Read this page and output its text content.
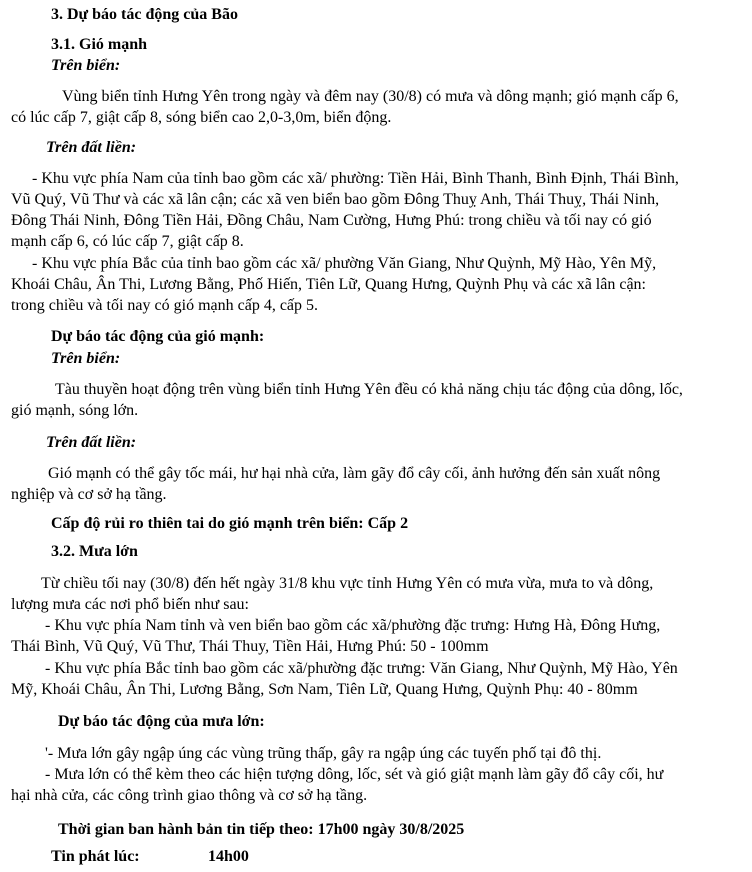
3. Dự báo tác động của Bão
3.1. Gió mạnh
Trên biển:
Vùng biển tỉnh Hưng Yên trong ngày và đêm nay (30/8) có mưa và dông mạnh; gió mạnh cấp 6,
có lúc cấp 7, giật cấp 8, sóng biển cao 2,0-3,0m, biển động.
Trên đất liền:
- Khu vực phía Nam của tỉnh bao gồm các xã/ phường: Tiền Hải, Bình Thanh, Bình Định, Thái Bình,
Vũ Quý, Vũ Thư và các xã lân cận; các xã ven biển bao gồm Đông Thuỵ Anh, Thái Thuỵ, Thái Ninh,
Đông Thái Ninh, Đông Tiền Hải, Đồng Châu, Nam Cường, Hưng Phú: trong chiều và tối nay có gió
mạnh cấp 6, có lúc cấp 7, giật cấp 8.
- Khu vực phía Bắc của tỉnh bao gồm các xã/ phường Văn Giang, Như Quỳnh, Mỹ Hào, Yên Mỹ,
Khoái Châu, Ân Thi, Lương Bằng, Phố Hiến, Tiên Lữ, Quang Hưng, Quỳnh Phụ và các xã lân cận:
trong chiều và tối nay có gió mạnh cấp 4, cấp 5.
Dự báo tác động của gió mạnh:
Trên biển:
Tàu thuyền hoạt động trên vùng biển tỉnh Hưng Yên đều có khả năng chịu tác động của dông, lốc,
gió mạnh, sóng lớn.
Trên đất liền:
Gió mạnh có thể gây tốc mái, hư hại nhà cửa, làm gãy đổ cây cối, ảnh hưởng đến sản xuất nông
nghiệp và cơ sở hạ tầng.
Cấp độ rủi ro thiên tai do gió mạnh trên biển: Cấp 2
3.2. Mưa lớn
Từ chiều tối nay (30/8) đến hết ngày 31/8 khu vực tỉnh Hưng Yên có mưa vừa, mưa to và dông,
lượng mưa các nơi phổ biến như sau:
- Khu vực phía Nam tỉnh và ven biển bao gồm các xã/phường đặc trưng: Hưng Hà, Đông Hưng,
Thái Bình, Vũ Quý, Vũ Thư, Thái Thuy, Tiền Hải, Hưng Phú: 50 - 100mm
- Khu vực phía Bắc tỉnh bao gồm các xã/phường đặc trưng: Văn Giang, Như Quỳnh, Mỹ Hào, Yên
Mỹ, Khoái Châu, Ân Thi, Lương Bằng, Sơn Nam, Tiên Lữ, Quang Hưng, Quỳnh Phụ: 40 - 80mm
Dự báo tác động của mưa lớn:
'- Mưa lớn gây ngập úng các vùng trũng thấp, gây ra ngập úng các tuyến phố tại đô thị.
- Mưa lớn có thể kèm theo các hiện tượng dông, lốc, sét và gió giật mạnh làm gãy đổ cây cối, hư
hại nhà cửa, các công trình giao thông và cơ sở hạ tầng.
Thời gian ban hành bản tin tiếp theo: 17h00 ngày 30/8/2025
Tin phát lúc:	14h00
